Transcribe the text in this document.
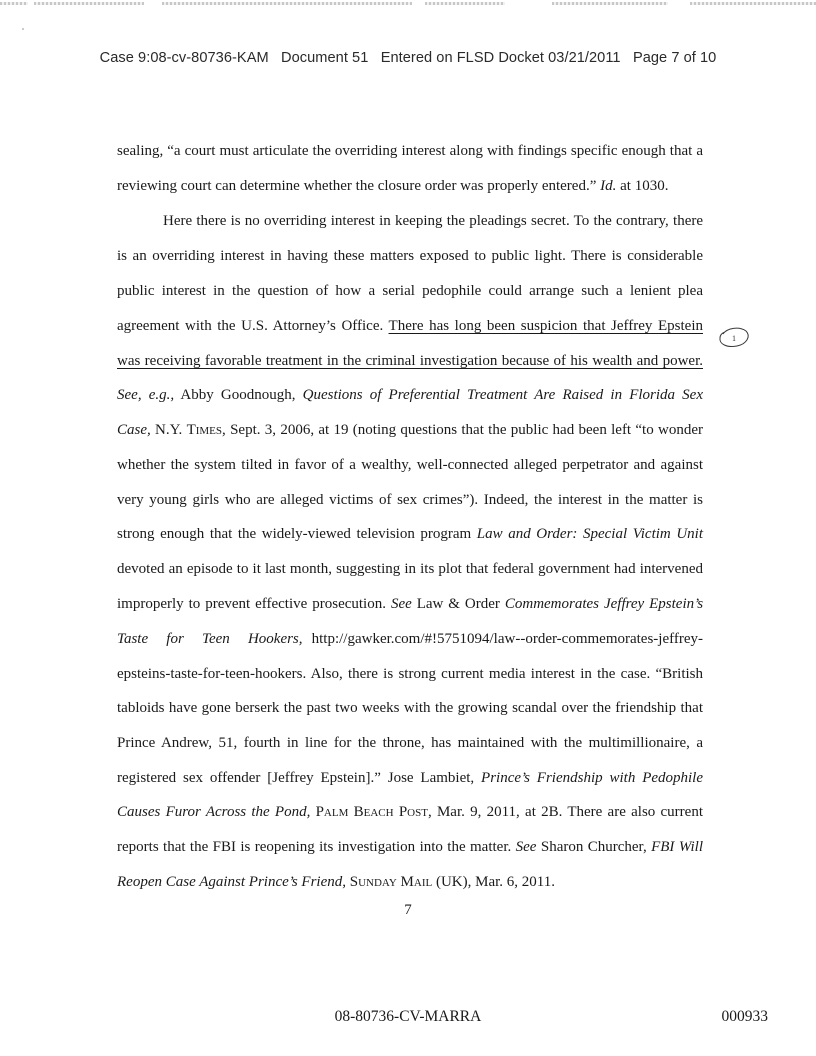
Case 9:08-cv-80736-KAM Document 51 Entered on FLSD Docket 03/21/2011 Page 7 of 10
sealing, “a court must articulate the overriding interest along with findings specific enough that a
reviewing court can determine whether the closure order was properly entered.” Id. at 1030.
Here there is no overriding interest in keeping the pleadings secret. To the contrary, there
is an overriding interest in having these matters exposed to public light. There is considerable
public interest in the question of how a serial pedophile could arrange such a lenient plea
agreement with the U.S. Attorney’s Office. There has long been suspicion that Jeffrey Epstein
was receiving favorable treatment in the criminal investigation because of his wealth and power.
See, e.g., Abby Goodnough, Questions of Preferential Treatment Are Raised in Florida Sex
Case, N.Y. Times, Sept. 3, 2006, at 19 (noting questions that the public had been left “to wonder
whether the system tilted in favor of a wealthy, well-connected alleged perpetrator and against
very young girls who are alleged victims of sex crimes”). Indeed, the interest in the matter is
strong enough that the widely-viewed television program Law and Order: Special Victim Unit
devoted an episode to it last month, suggesting in its plot that federal government had intervened
improperly to prevent effective prosecution. See Law & Order Commemorates Jeffrey Epstein’s
Taste  for  Teen  Hookers, http://gawker.com/#!5751094/law--order-commemorates-jeffrey-
epsteins-taste-for-teen-hookers. Also, there is strong current media interest in the case. “British
tabloids have gone berserk the past two weeks with the growing scandal over the friendship that
Prince Andrew, 51, fourth in line for the throne, has maintained with the multimillionaire, a
registered sex offender [Jeffrey Epstein].” Jose Lambiet, Prince’s Friendship with Pedophile
Causes Furor Across the Pond, Palm Beach Post, Mar. 9, 2011, at 2B. There are also current
reports that the FBI is reopening its investigation into the matter. See Sharon Churcher, FBI Will
Reopen Case Against Prince’s Friend, Sunday Mail (UK), Mar. 6, 2011.
7
1
08-80736-CV-MARRA	000933
